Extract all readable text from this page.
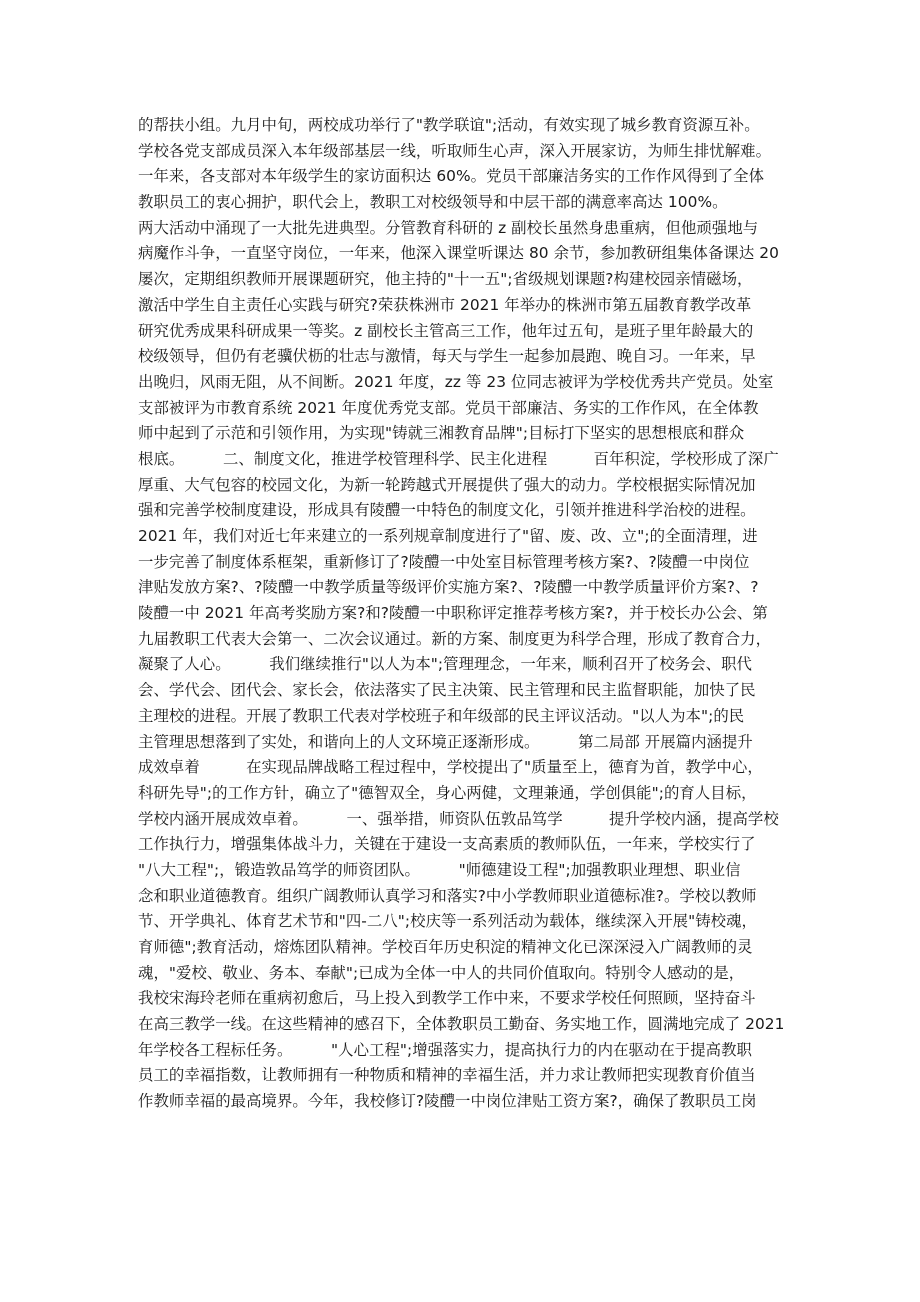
的帮扶小组。九月中旬，两校成功举行了"教学联谊";活动，有效实现了城乡教育资源互补。
学校各党支部成员深入本年级部基层一线，听取师生心声，深入开展家访，为师生排忧解难。
一年来，各支部对本年级学生的家访面积达 60%。党员干部廉洁务实的工作作风得到了全体
教职员工的衷心拥护，职代会上，教职工对校级领导和中层干部的满意率高达 100%。
两大活动中涌现了一大批先进典型。分管教育科研的 z 副校长虽然身患重病，但他顽强地与
病魔作斗争，一直坚守岗位，一年来，他深入课堂听课达 80 余节，参加教研组集体备课达 20
屡次，定期组织教师开展课题研究，他主持的"十一五";省级规划课题?构建校园亲情磁场，
激活中学生自主责任心实践与研究?荣获株洲市 2021 年举办的株洲市第五届教育教学改革
研究优秀成果科研成果一等奖。z 副校长主管高三工作，他年过五旬，是班子里年龄最大的
校级领导，但仍有老骥伏枥的壮志与激情，每天与学生一起参加晨跑、晚自习。一年来，早
出晚归，风雨无阻，从不间断。2021 年度，zz 等 23 位同志被评为学校优秀共产党员。处室
支部被评为市教育系统 2021 年度优秀党支部。党员干部廉洁、务实的工作作风，在全体教
师中起到了示范和引领作用，为实现"铸就三湘教育品牌";目标打下坚实的思想根底和群众
根底。　　　二、制度文化，推进学校管理科学、民主化进程　　　百年积淀，学校形成了深广
厚重、大气包容的校园文化，为新一轮跨越式开展提供了强大的动力。学校根据实际情况加
强和完善学校制度建设，形成具有陵醴一中特色的制度文化，引领并推进科学治校的进程。
2021 年，我们对近七年来建立的一系列规章制度进行了"留、废、改、立";的全面清理，进
一步完善了制度体系框架，重新修订了?陵醴一中处室目标管理考核方案?、?陵醴一中岗位
津贴发放方案?、?陵醴一中教学质量等级评价实施方案?、?陵醴一中教学质量评价方案?、?
陵醴一中 2021 年高考奖励方案?和?陵醴一中职称评定推荐考核方案?，并于校长办公会、第
九届教职工代表大会第一、二次会议通过。新的方案、制度更为科学合理，形成了教育合力，
凝聚了人心。　　　我们继续推行"以人为本";管理理念，一年来，顺利召开了校务会、职代
会、学代会、团代会、家长会，依法落实了民主决策、民主管理和民主监督职能，加快了民
主理校的进程。开展了教职工代表对学校班子和年级部的民主评议活动。"以人为本";的民
主管理思想落到了实处，和谐向上的人文环境正逐渐形成。　　　第二局部 开展篇内涵提升
成效卓着　　　在实现品牌战略工程过程中，学校提出了"质量至上，德育为首，教学中心，
科研先导";的工作方针，确立了"德智双全，身心两健，文理兼通，学创俱能";的育人目标，
学校内涵开展成效卓着。　　　一、强举措，师资队伍敦品笃学　　　提升学校内涵，提高学校
工作执行力，增强集体战斗力，关键在于建设一支高素质的教师队伍，一年来，学校实行了
"八大工程";，锻造敦品笃学的师资团队。　　　"师德建设工程";加强教职业理想、职业信
念和职业道德教育。组织广阔教师认真学习和落实?中小学教师职业道德标准?。学校以教师
节、开学典礼、体育艺术节和"四-二八";校庆等一系列活动为载体，继续深入开展"铸校魂，
育师德";教育活动，熔炼团队精神。学校百年历史积淀的精神文化已深深浸入广阔教师的灵
魂，"爱校、敬业、务本、奉献";已成为全体一中人的共同价值取向。特别令人感动的是，
我校宋海玲老师在重病初愈后，马上投入到教学工作中来，不要求学校任何照顾，坚持奋斗
在高三教学一线。在这些精神的感召下，全体教职员工勤奋、务实地工作，圆满地完成了 2021
年学校各工程标任务。　　　"人心工程";增强落实力，提高执行力的内在驱动在于提高教职
员工的幸福指数，让教师拥有一种物质和精神的幸福生活，并力求让教师把实现教育价值当
作教师幸福的最高境界。今年，我校修订?陵醴一中岗位津贴工资方案?，确保了教职员工岗
